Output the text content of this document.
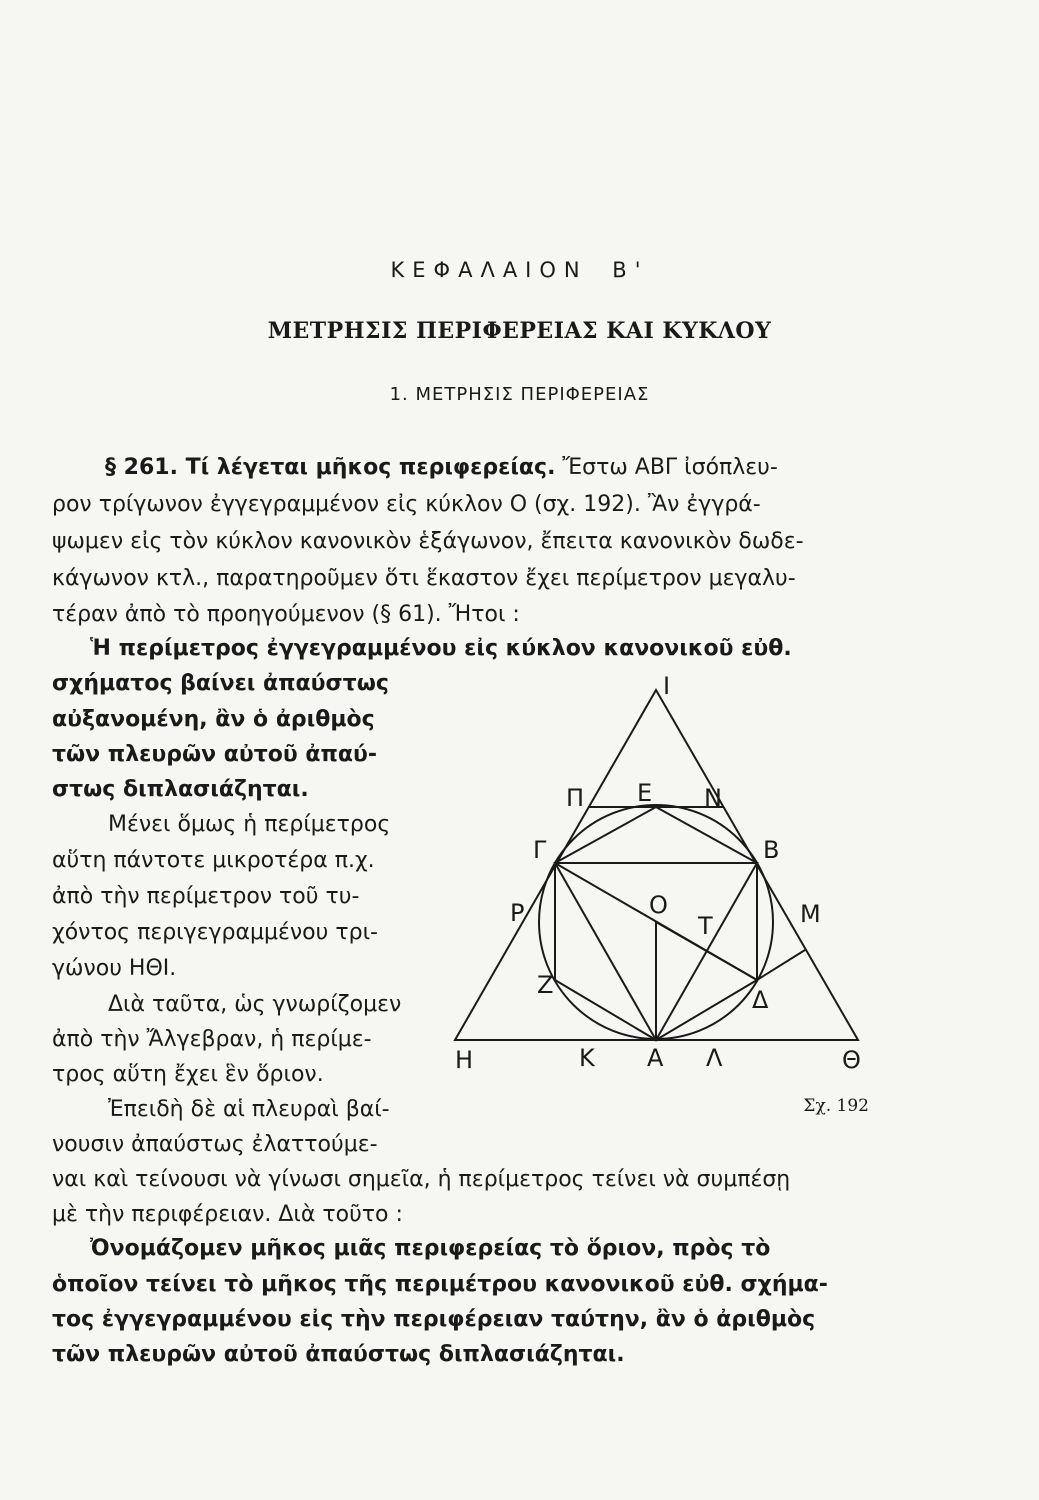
ΚΕΦΑΛΑΙΟΝ Β'
ΜΕΤΡΗΣΙΣ ΠΕΡΙΦΕΡΕΙΑΣ ΚΑΙ ΚΥΚΛΟΥ
1. ΜΕΤΡΗΣΙΣ ΠΕΡΙΦΕΡΕΙΑΣ
§ 261. Τί λέγεται μῆκος περιφερείας. Ἔστω ΑΒΓ ἰσόπλευ-
ρον τρίγωνον ἐγγεγραμμένον εἰς κύκλον Ο (σχ. 192). Ἂν ἐγγρά-
ψωμεν εἰς τὸν κύκλον κανονικὸν ἑξάγωνον, ἔπειτα κανονικὸν δωδε-
κάγωνον κτλ., παρατηροῦμεν ὅτι ἕκαστον ἔχει περίμετρον μεγαλυ-
τέραν ἀπὸ τὸ προηγούμενον (§ 61). Ἤτοι :
Ἡ περίμετρος ἐγγεγραμμένου εἰς κύκλον κανονικοῦ εὐθ.
σχήματος βαίνει ἀπαύστως
αὐξανομένη, ἂν ὁ ἀριθμὸς
τῶν πλευρῶν αὐτοῦ ἀπαύ-
στως διπλασιάζηται.
Μένει ὅμως ἡ περίμετρος
αὕτη πάντοτε μικροτέρα π.χ.
ἀπὸ τὴν περίμετρον τοῦ τυ-
χόντος περιγεγραμμένου τρι-
γώνου ΗΘΙ.
Διὰ ταῦτα, ὡς γνωρίζομεν
ἀπὸ τὴν Ἄλγεβραν, ἡ περίμε-
τρος αὕτη ἔχει ἓν ὅριον.
Ἐπειδὴ δὲ αἱ πλευραὶ βαί-
νουσιν ἀπαύστως ἐλαττούμε-
ναι καὶ τείνουσι νὰ γίνωσι σημεῖα, ἡ περίμετρος τείνει νὰ συμπέσῃ
μὲ τὴν περιφέρειαν. Διὰ τοῦτο :
Ὀνομάζομεν μῆκος μιᾶς περιφερείας τὸ ὅριον, πρὸς τὸ
ὁποῖον τείνει τὸ μῆκος τῆς περιμέτρου κανονικοῦ εὐθ. σχήμα-
τος ἐγγεγραμμένου εἰς τὴν περιφέρειαν ταύτην, ἂν ὁ ἀριθμὸς
τῶν πλευρῶν αὐτοῦ ἀπαύστως διπλασιάζηται.
Ι
Π Ε Ν
Γ	Β
Ρ	Ο
Τ	Μ
Ζ
Δ
Η	Κ Α Λ	Θ
Σχ. 192
